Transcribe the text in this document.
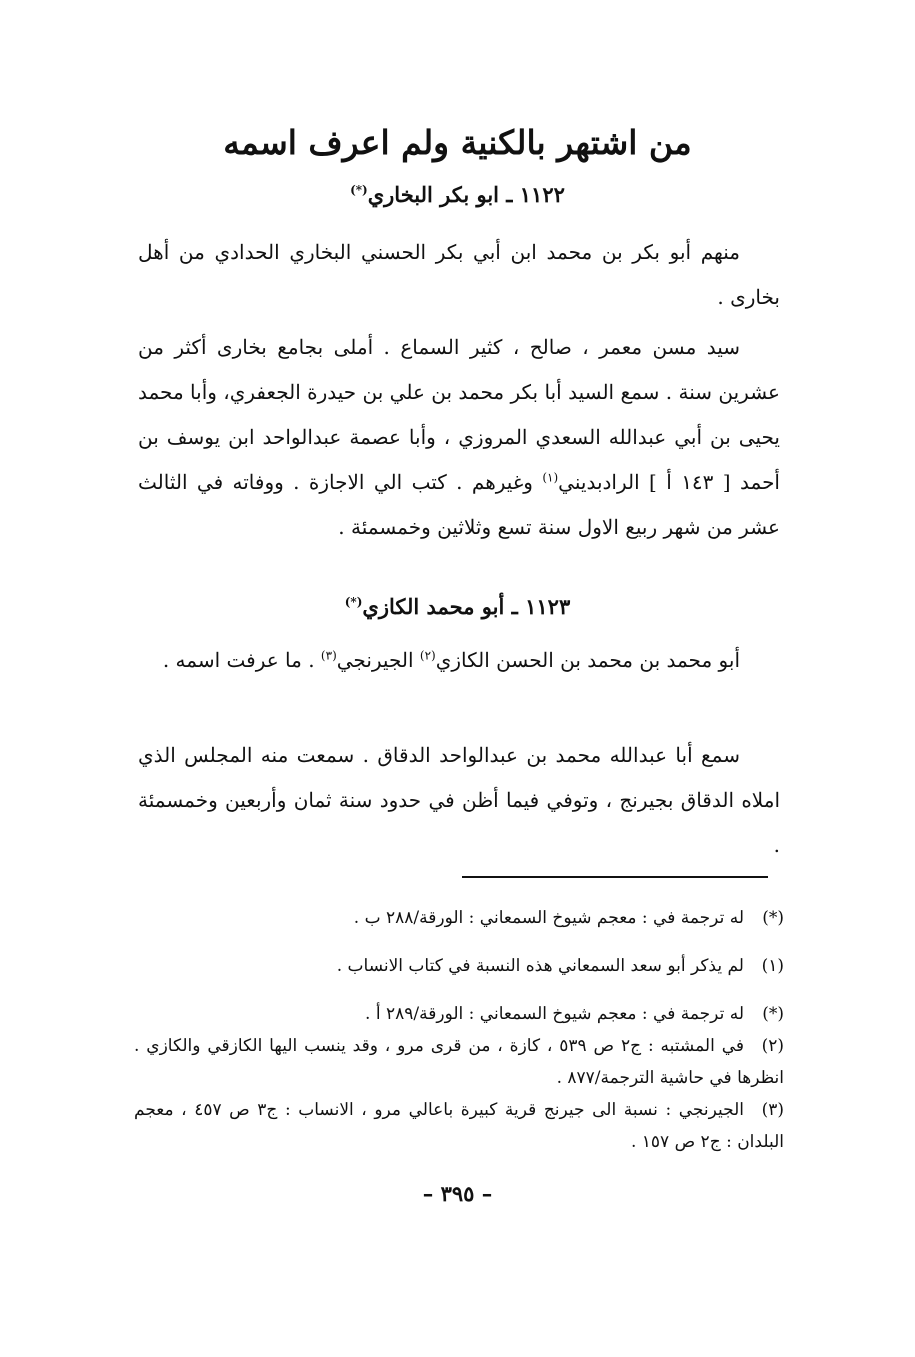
من اشتهر بالكنية ولم اعرف اسمه
١١٢٢ ـ ابو بكر البخاري(*)

منهم أبو بكر بن محمد ابن أبي بكر الحسني البخاري الحدادي من أهل بخارى .

سيد مسن معمر ، صالح ، كثير السماع . أملى بجامع بخارى أكثر من عشرين سنة . سمع السيد أبا بكر محمد بن علي بن حيدرة الجعفري، وأبا محمد يحيى بن أبي عبدالله السعدي المروزي ، وأبا عصمة عبدالواحد ابن يوسف بن أحمد [ ١٤٣ أ ] الرادبديني$^{(١)}$ وغيرهم . كتب الي الاجازة . ووفاته في الثالث عشر من شهر ربيع الاول سنة تسع وثلاثين وخمسمئة .

١١٢٣ ـ أبو محمد الكازي(*)

أبو محمد بن محمد بن الحسن الكازي$^{(٢)}$ الجيرنجي$^{(٣)}$ . ما عرفت اسمه .

سمع أبا عبدالله محمد بن عبدالواحد الدقاق . سمعت منه المجلس الذي املاه الدقاق بجيرنج ، وتوفي فيما أظن في حدود سنة ثمان وأربعين وخمسمئة .

(*)له ترجمة في : معجم شيوخ السمعاني : الورقة/٢٨٨ ب .

(١)لم يذكر أبو سعد السمعاني هذه النسبة في كتاب الانساب .

(*)له ترجمة في : معجم شيوخ السمعاني : الورقة/٢٨٩ أ .

(٢)في المشتبه : ج٢ ص ٥٣٩ ، كازة ، من قرى مرو ، وقد ينسب اليها الكازقي والكازي . انظرها في حاشية الترجمة/٨٧٧ .

(٣)الجيرنجي : نسبة الى جيرنج قرية كبيرة باعالي مرو ، الانساب : ج٣ ص ٤٥٧ ، معجم البلدان : ج٢ ص ١٥٧ .

– ٣٩٥ –
